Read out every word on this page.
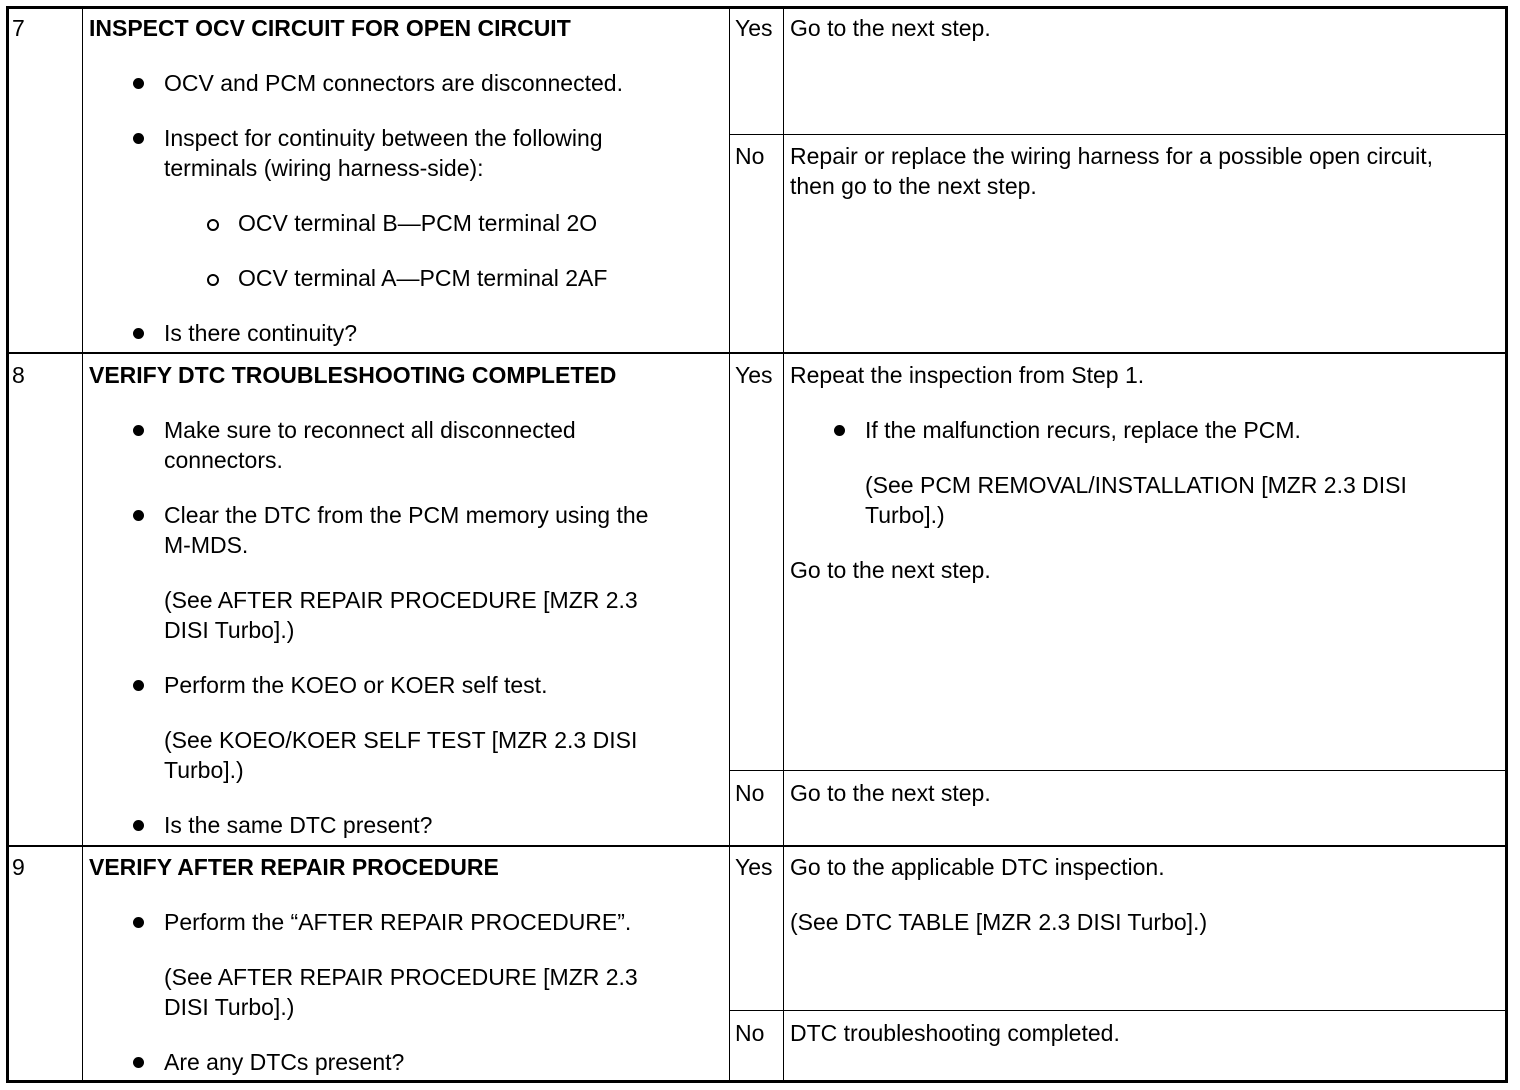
7	INSPECT OCV CIRCUIT FOR OPEN CIRCUIT
OCV and PCM connectors are disconnected.
Inspect for continuity between the following
terminals (wiring harness-side):
OCV terminal B—PCM terminal 2O
OCV terminal A—PCM terminal 2AF
Is there continuity?
Yes Go to the next step.
No Repair or replace the wiring harness for a possible open circuit,
then go to the next step.
8	VERIFY DTC TROUBLESHOOTING COMPLETED
Make sure to reconnect all disconnected
connectors.
Clear the DTC from the PCM memory using the
M-MDS.
(See AFTER REPAIR PROCEDURE [MZR 2.3
DISI Turbo].)
Perform the KOEO or KOER self test.
(See KOEO/KOER SELF TEST [MZR 2.3 DISI
Turbo].)
Is the same DTC present?
Yes Repeat the inspection from Step 1.
If the malfunction recurs, replace the PCM.
(See PCM REMOVAL/INSTALLATION [MZR 2.3 DISI
Turbo].)
Go to the next step.
No Go to the next step.
9	VERIFY AFTER REPAIR PROCEDURE
Perform the “AFTER REPAIR PROCEDURE”.
(See AFTER REPAIR PROCEDURE [MZR 2.3
DISI Turbo].)
Are any DTCs present?
Yes Go to the applicable DTC inspection.
(See DTC TABLE [MZR 2.3 DISI Turbo].)
No DTC troubleshooting completed.
